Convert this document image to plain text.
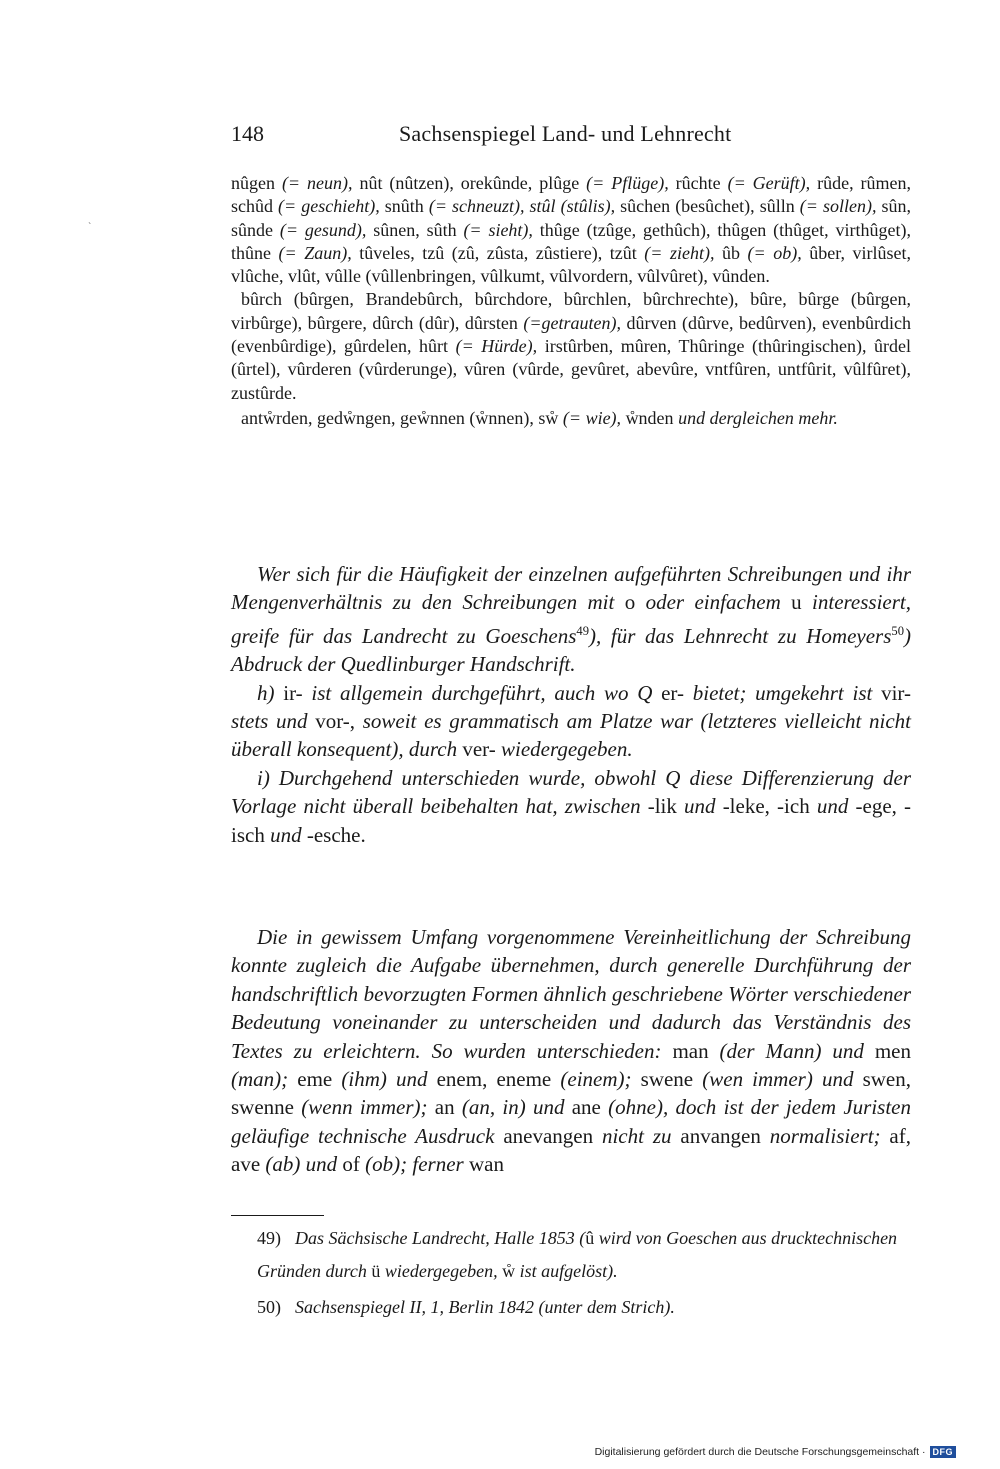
148	Sachsenspiegel Land- und Lehnrecht
ˋ

nûgen (= neun), nût (nûtzen), orekûnde, plûge (= Pflüge), rûchte (= Gerüft), rûde, rûmen, schûd (= geschieht), snûth (= schneuzt), stûl (stûlis), sûchen (besûchet), sûlln (= sollen), sûn, sûnde (= gesund), sûnen, sûth (= sieht), thûge (tzûge, gethûch), thûgen (thûget, virthûget), thûne (= Zaun), tûveles, tzû (zû, zûsta, zûstiere), tzût (= zieht), ûb (= ob), ûber, virlûset, vlûche, vlût, vûlle (vûllenbringen, vûlkumt, vûlvordern, vûlvûret), vûnden.

bûrch (bûrgen, Brandebûrch, bûrchdore, bûrchlen, bûrchrechte), bûre, bûrge (bûrgen, virbûrge), bûrgere, dûrch (dûr), dûrsten (=getrauten), dûrven (dûrve, bedûrven), evenbûrdich (evenbûrdige), gûrdelen, hûrt (= Hürde), irstûrben, mûren, Thûringe (thûringischen), ûrdel (ûrtel), vûrderen (vûrderunge), vûren (vûrde, gevûret, abevûre, vntfûren, untfûrit, vûlfûret), zustûrde.

antẘrden, gedẘngen, geẘnnen (ẘnnen), sẘ (= wie), ẘnden und dergleichen mehr.

Wer sich für die Häufigkeit der einzelnen aufgeführten Schreibungen und ihr Mengenverhältnis zu den Schreibungen mit o oder einfachem u interessiert, greife für das Landrecht zu Goeschens$^{49}$), für das Lehnrecht zu Homeyers$^{50}$) Abdruck der Quedlinburger Handschrift.

h) ir- ist allgemein durchgeführt, auch wo Q er- bietet; umgekehrt ist vir- stets und vor-, soweit es grammatisch am Platze war (letzteres vielleicht nicht überall konsequent), durch ver- wiedergegeben.

i) Durchgehend unterschieden wurde, obwohl Q diese Differenzierung der Vorlage nicht überall beibehalten hat, zwischen -lik und -leke, -ich und -ege, -isch und -esche.

Die in gewissem Umfang vorgenommene Vereinheitlichung der Schreibung konnte zugleich die Aufgabe übernehmen, durch generelle Durchführung der handschriftlich bevorzugten Formen ähnlich geschriebene Wörter verschiedener Bedeutung voneinander zu unterscheiden und dadurch das Verständnis des Textes zu erleichtern. So wurden unterschieden: man (der Mann) und men (man); eme (ihm) und enem, eneme (einem); swene (wen immer) und swen, swenne (wenn immer); an (an, in) und ane (ohne), doch ist der jedem Juristen geläufige technische Ausdruck anevangen nicht zu anvangen normalisiert; af, ave (ab) und of (ob); ferner wan

49) Das Sächsische Landrecht, Halle 1853 (û wird von Goeschen aus drucktechnischen Gründen durch ü wiedergegeben, ẘ ist aufgelöst).
50) Sachsenspiegel II, 1, Berlin 1842 (unter dem Strich).
Digitalisierung gefördert durch die Deutsche Forschungsgemeinschaft · DFG
